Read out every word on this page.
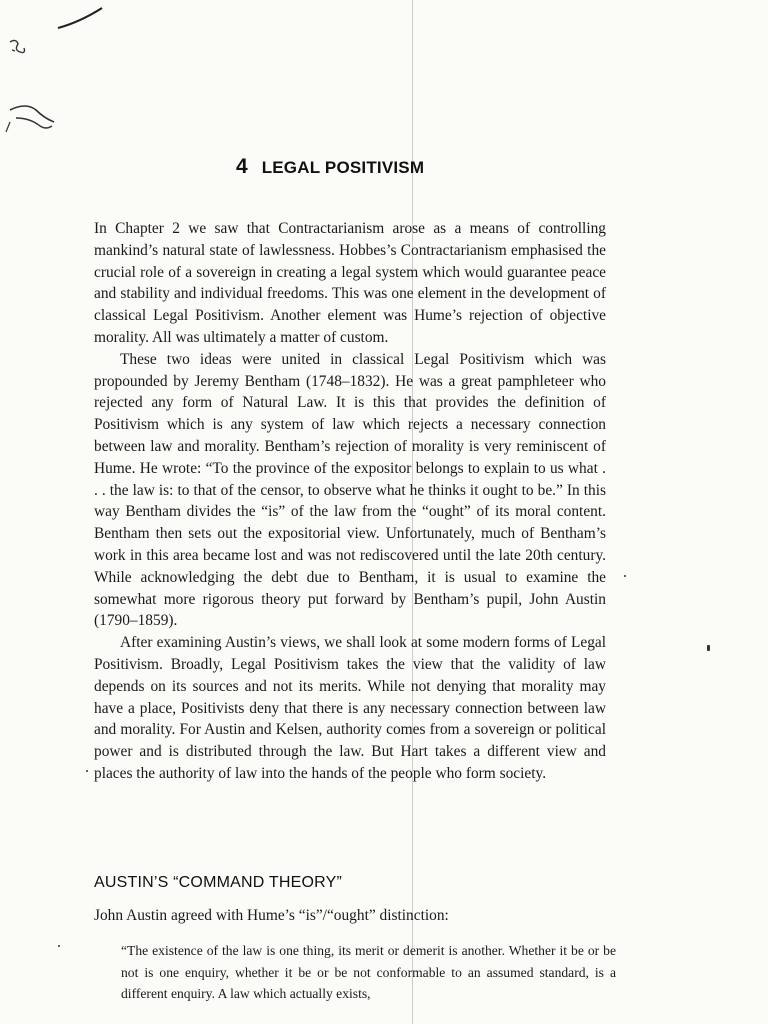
4 LEGAL POSITIVISM

In Chapter 2 we saw that Contractarianism arose as a means of controlling mankind’s natural state of lawlessness. Hobbes’s Contractarianism emphasised the crucial role of a sovereign in creating a legal system which would guarantee peace and stability and individual freedoms. This was one element in the development of classical Legal Positivism. Another element was Hume’s rejection of objective morality. All was ultimately a matter of custom.

These two ideas were united in classical Legal Positivism which was propounded by Jeremy Bentham (1748–1832). He was a great pamphleteer who rejected any form of Natural Law. It is this that provides the definition of Positivism which is any system of law which rejects a necessary connection between law and morality. Bentham’s rejection of morality is very reminiscent of Hume. He wrote: “To the province of the expositor belongs to explain to us what . . . the law is: to that of the censor, to observe what he thinks it ought to be.” In this way Bentham divides the “is” of the law from the “ought” of its moral content. Bentham then sets out the expositorial view. Unfortunately, much of Bentham’s work in this area became lost and was not rediscovered until the late 20th century. While acknowledging the debt due to Bentham, it is usual to examine the somewhat more rigorous theory put forward by Bentham’s pupil, John Austin (1790–1859).

After examining Austin’s views, we shall look at some modern forms of Legal Positivism. Broadly, Legal Positivism takes the view that the validity of law depends on its sources and not its merits. While not denying that morality may have a place, Positivists deny that there is any necessary connection between law and morality. For Austin and Kelsen, authority comes from a sovereign or political power and is distributed through the law. But Hart takes a different view and places the authority of law into the hands of the people who form society.

AUSTIN’S “COMMAND THEORY”
John Austin agreed with Hume’s “is”/“ought” distinction:

“The existence of the law is one thing, its merit or demerit is another. Whether it be or be not is one enquiry, whether it be or be not conformable to an assumed standard, is a different enquiry. A law which actually exists,
